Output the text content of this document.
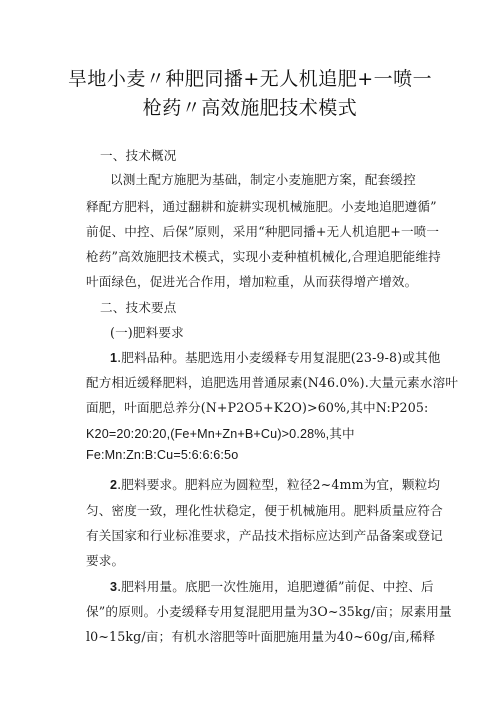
旱地小麦〃种肥同播+无人机追肥+一喷一
枪药〃高效施肥技术模式
一、技术概况
以测土配方施肥为基础，制定小麦施肥方案，配套缓控
释配方肥料，通过翻耕和旋耕实现机械施肥。小麦地追肥遵循”
前促、中控、后保”原则，采用“种肥同播+无人机追肥+一喷一
枪药”高效施肥技术模式，实现小麦种植机械化,合理追肥能维持
叶面绿色，促进光合作用，增加粒重，从而获得增产增效。
二、技术要点
(一)肥料要求
1.肥料品种。基肥选用小麦缓释专用复混肥(23-9-8)或其他
配方相近缓释肥料，追肥选用普通尿素(N46.0%).大量元素水溶叶
面肥，叶面肥总养分(N+P2O5+K2O)>60%,其中N:P205:
K20=20:20:20,(Fe+Mn+Zn+B+Cu)>0.28%,其中
Fe:Mn:Zn:B:Cu=5:6:6:6:5o
2.肥料要求。肥料应为圆粒型，粒径2~4mm为宜，颗粒均
匀、密度一致，理化性状稳定，便于机械施用。肥料质量应符合
有关国家和行业标准要求，产品技术指标应达到产品备案或登记
要求。
3.肥料用量。底肥一次性施用，追肥遵循”前促、中控、后
保”的原则。小麦缓释专用复混肥用量为3O~35kg/亩；尿素用量
l0~15kg/亩；有机水溶肥等叶面肥施用量为40~60g/亩,稀释
